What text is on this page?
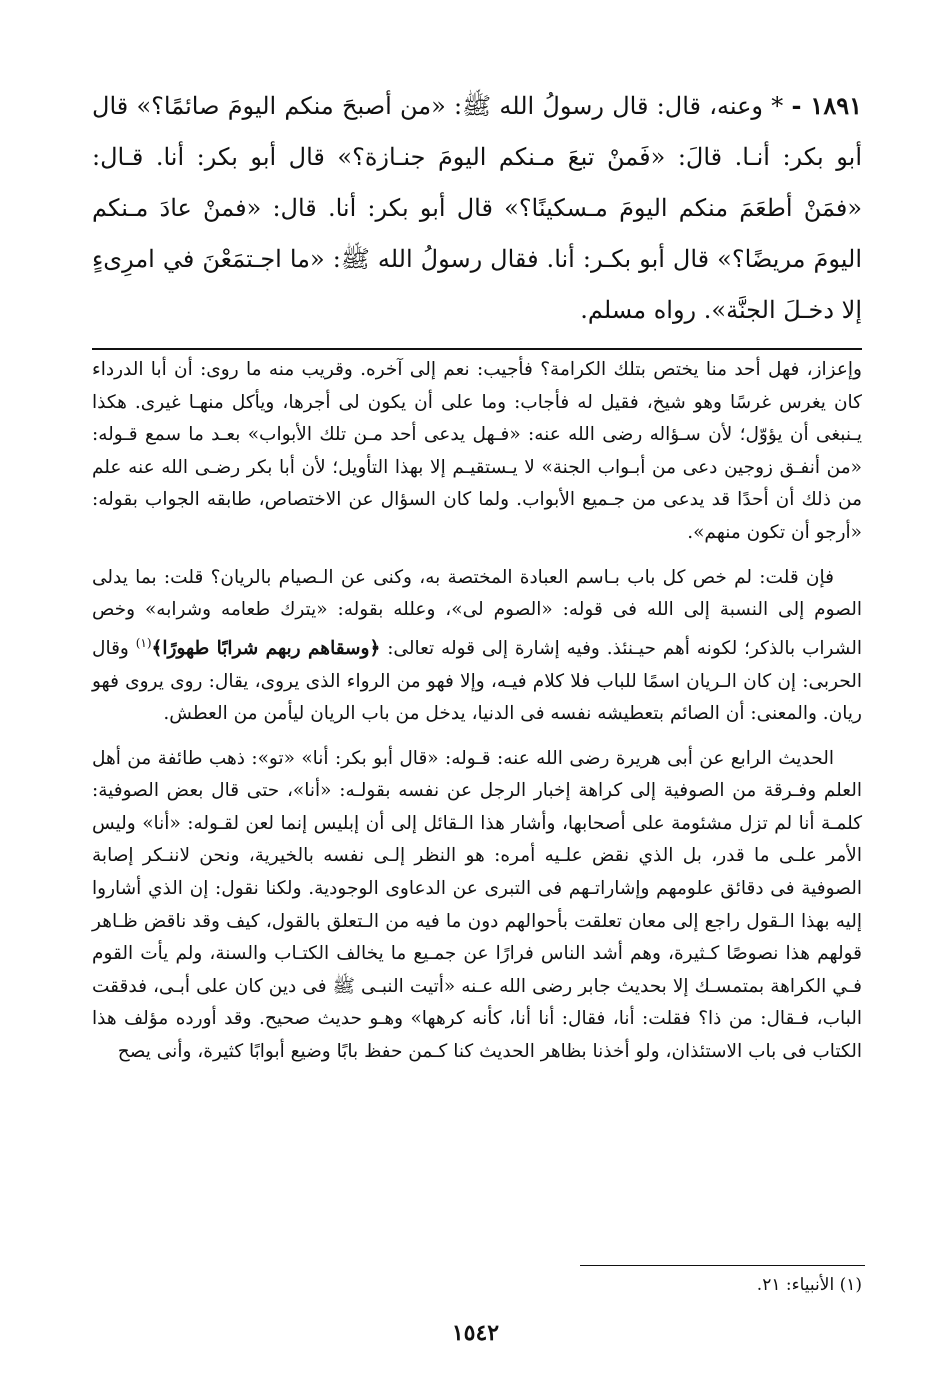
١٨٩١ - * وعنه، قال: قال رسولُ الله ﷺ: «من أصبحَ منكم اليومَ صائمًا؟» قال أبو بكر: أنـا. قالَ: «فَمنْ تبعَ مـنكم اليومَ جنـازة؟» قال أبو بكر: أنا. قـال: «فمَنْ أطعَمَ منكم اليومَ مـسكينًا؟» قال أبو بكر: أنا. قال: «فمنْ عادَ مـنكم اليومَ مريضًا؟» قال أبو بكـر: أنا. فقال رسولُ الله ﷺ: «ما اجـتمَعْنَ في امرِىءٍ إلا دخـلَ الجنَّة». رواه مسلم.

وإعزاز، فهل أحد منا يختص بتلك الكرامة؟ فأجيب: نعم إلى آخره. وقريب منه ما روى: أن أبا الدرداء كان يغرس غرسًا وهو شيخ، فقيل له فأجاب: وما على أن يكون لى أجرها، ويأكل منهـا غيرى. هكذا يـنبغى أن يؤوّل؛ لأن سـؤاله رضى الله عنه: «فـهل يدعى أحد مـن تلك الأبواب» بعـد ما سمع قـوله: «من أنفـق زوجين دعى من أبـواب الجنة» لا يـستقيـم إلا بهذا التأويل؛ لأن أبا بكر رضـى الله عنه علم من ذلك أن أحدًا قد يدعى من جـميع الأبواب. ولما كان السؤال عن الاختصاص، طابقه الجواب بقوله: «أرجو أن تكون منهم».

فإن قلت: لم خص كل باب بـاسم العبادة المختصة به، وكنى عن الـصيام بالريان؟ قلت: بما يدلى الصوم إلى النسبة إلى الله فى قوله: «الصوم لى»، وعلله بقوله: «يترك طعامه وشرابه» وخص الشراب بالذكر؛ لكونه أهم حيـنئذ. وفيه إشارة إلى قوله تعالى: ﴿وسقاهم ربهم شرابًا طهورًا﴾$^{(١)}$ وقال الحربى: إن كان الـريان اسمًا للباب فلا كلام فيـه، وإلا فهو من الرواء الذى يروى، يقال: روى يروى فهو ريان. والمعنى: أن الصائم بتعطيشه نفسه فى الدنيا، يدخل من باب الريان ليأمن من العطش.

الحديث الرابع عن أبى هريرة رضى الله عنه: قـوله: «قال أبو بكر: أنا» «تو»: ذهب طائفة من أهل العلم وفـرقة من الصوفية إلى كراهة إخبار الرجل عن نفسه بقولـه: «أنا»، حتى قال بعض الصوفية: كلمـة أنا لم تزل مشئومة على أصحابها، وأشار هذا الـقائل إلى أن إبليس إنما لعن لقـوله: «أنا» وليس الأمر علـى ما قدر، بل الذي نقض علـيه أمره: هو النظر إلـى نفسه بالخيرية، ونحن لاننـكر إصابة الصوفية فى دقائق علومهم وإشاراتـهم فى التبرى عن الدعاوى الوجودية. ولكنا نقول: إن الذي أشاروا إليه بهذا الـقول راجع إلى معان تعلقت بأحوالهم دون ما فيه من الـتعلق بالقول، كيف وقد ناقض ظـاهر قولهم هذا نصوصًا كـثيرة، وهم أشد الناس فرارًا عن جمـيع ما يخالف الكتـاب والسنة، ولم يأت القوم فـي الكراهة بمتمسـك إلا بحديث جابر رضى الله عـنه «أتيت النبـى ﷺ فى دين كان على أبـى، فدققت الباب، فـقال: من ذا؟ فقلت: أنا، فقال: أنا أنا، كأنه كرهها» وهـو حديث صحيح. وقد أورده مؤلف هذا الكتاب فى باب الاستئذان، ولو أخذنا بظاهر الحديث كنا كـمن حفظ بابًا وضيع أبوابًا كثيرة، وأنى يصح

(١) الأنبياء: ٢١.
١٥٤٢
